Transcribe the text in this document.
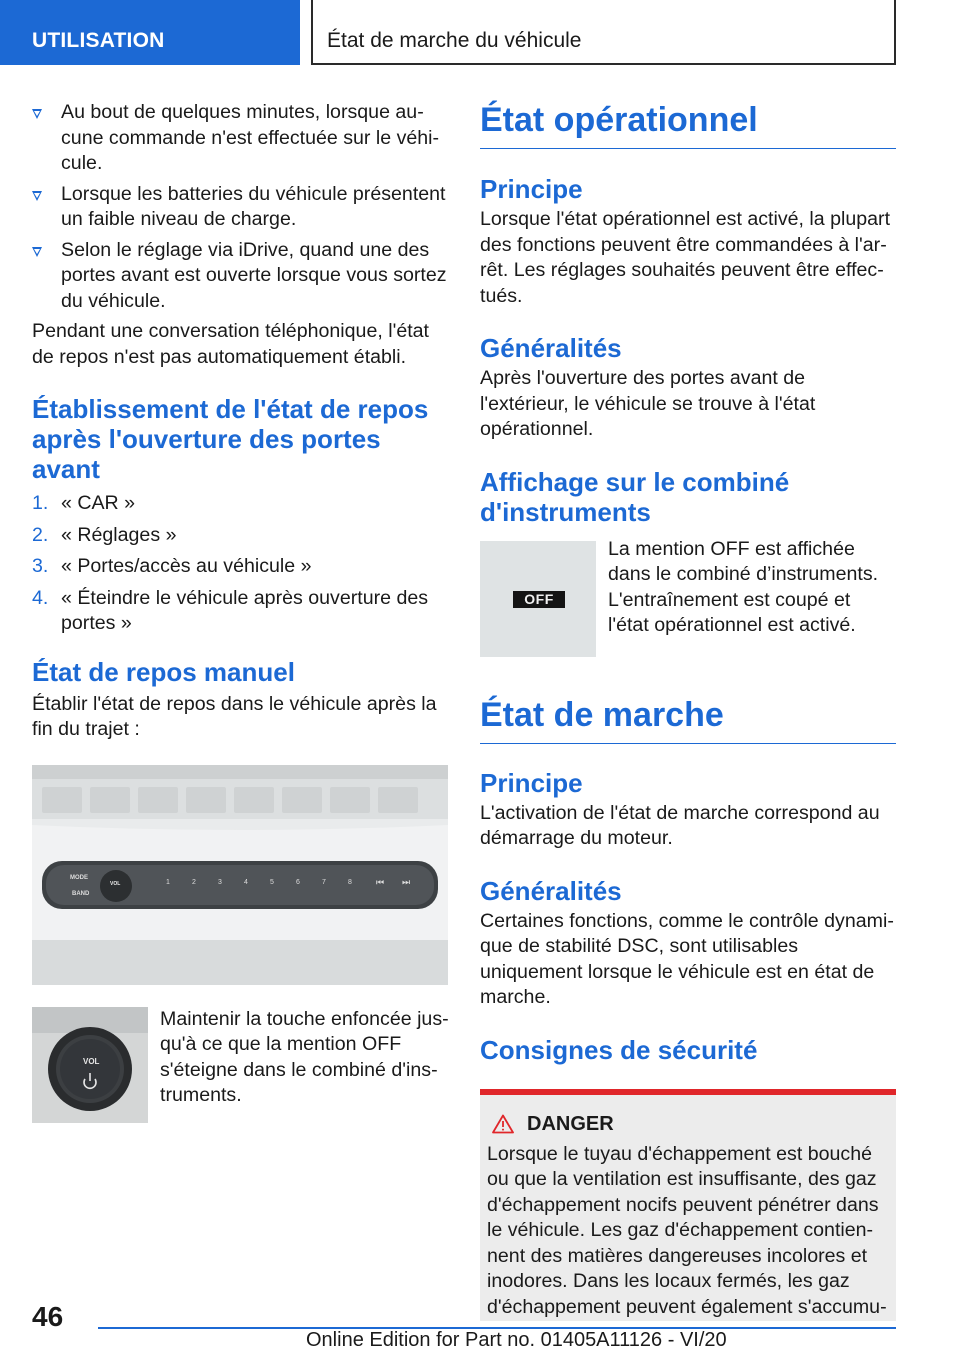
UTILISATION	État de marche du véhicule
Au bout de quelques minutes, lorsque aucune commande n'est effectuée sur le véhicule.
Lorsque les batteries du véhicule présentent un faible niveau de charge.
Selon le réglage via iDrive, quand une des portes avant est ouverte lorsque vous sortez du véhicule.

Pendant une conversation téléphonique, l'état de repos n'est pas automatiquement établi.

Établissement de l'état de repos après l'ouverture des portes avant
1. « CAR »
2. « Réglages »
3. « Portes/accès au véhicule »
4. « Éteindre le véhicule après ouverture des portes »
État de repos manuel

Établir l'état de repos dans le véhicule après la fin du trajet :

MODE
BAND
VOL	1	2	3	4	5	6	7	8	⏮ ⏭
VOL

Maintenir la touche enfoncée jusqu'à ce que la mention OFF s'éteigne dans le combiné d'instruments.

État opérationnel
Principe

Lorsque l'état opérationnel est activé, la plupart des fonctions peuvent être commandées à l'arrêt. Les réglages souhaités peuvent être effectués.

Généralités

Après l'ouverture des portes avant de l'extérieur, le véhicule se trouve à l'état opérationnel.

Affichage sur le combiné d'instruments
OFF

La mention OFF est affichée dans le combiné d’instruments. L'entraînement est coupé et l'état opérationnel est activé.

État de marche
Principe

L'activation de l'état de marche correspond au démarrage du moteur.

Généralités

Certaines fonctions, comme le contrôle dynamique de stabilité DSC, sont utilisables uniquement lorsque le véhicule est en état de marche.

Consignes de sécurité
DANGER

Lorsque le tuyau d'échappement est bouché ou que la ventilation est insuffisante, des gaz d'échappement nocifs peuvent pénétrer dans le véhicule. Les gaz d'échappement contiennent des matières dangereuses incolores et inodores. Dans les locaux fermés, les gaz d'échappement peuvent également s'accumu-

46
Online Edition for Part no. 01405A11126 - VI/20
